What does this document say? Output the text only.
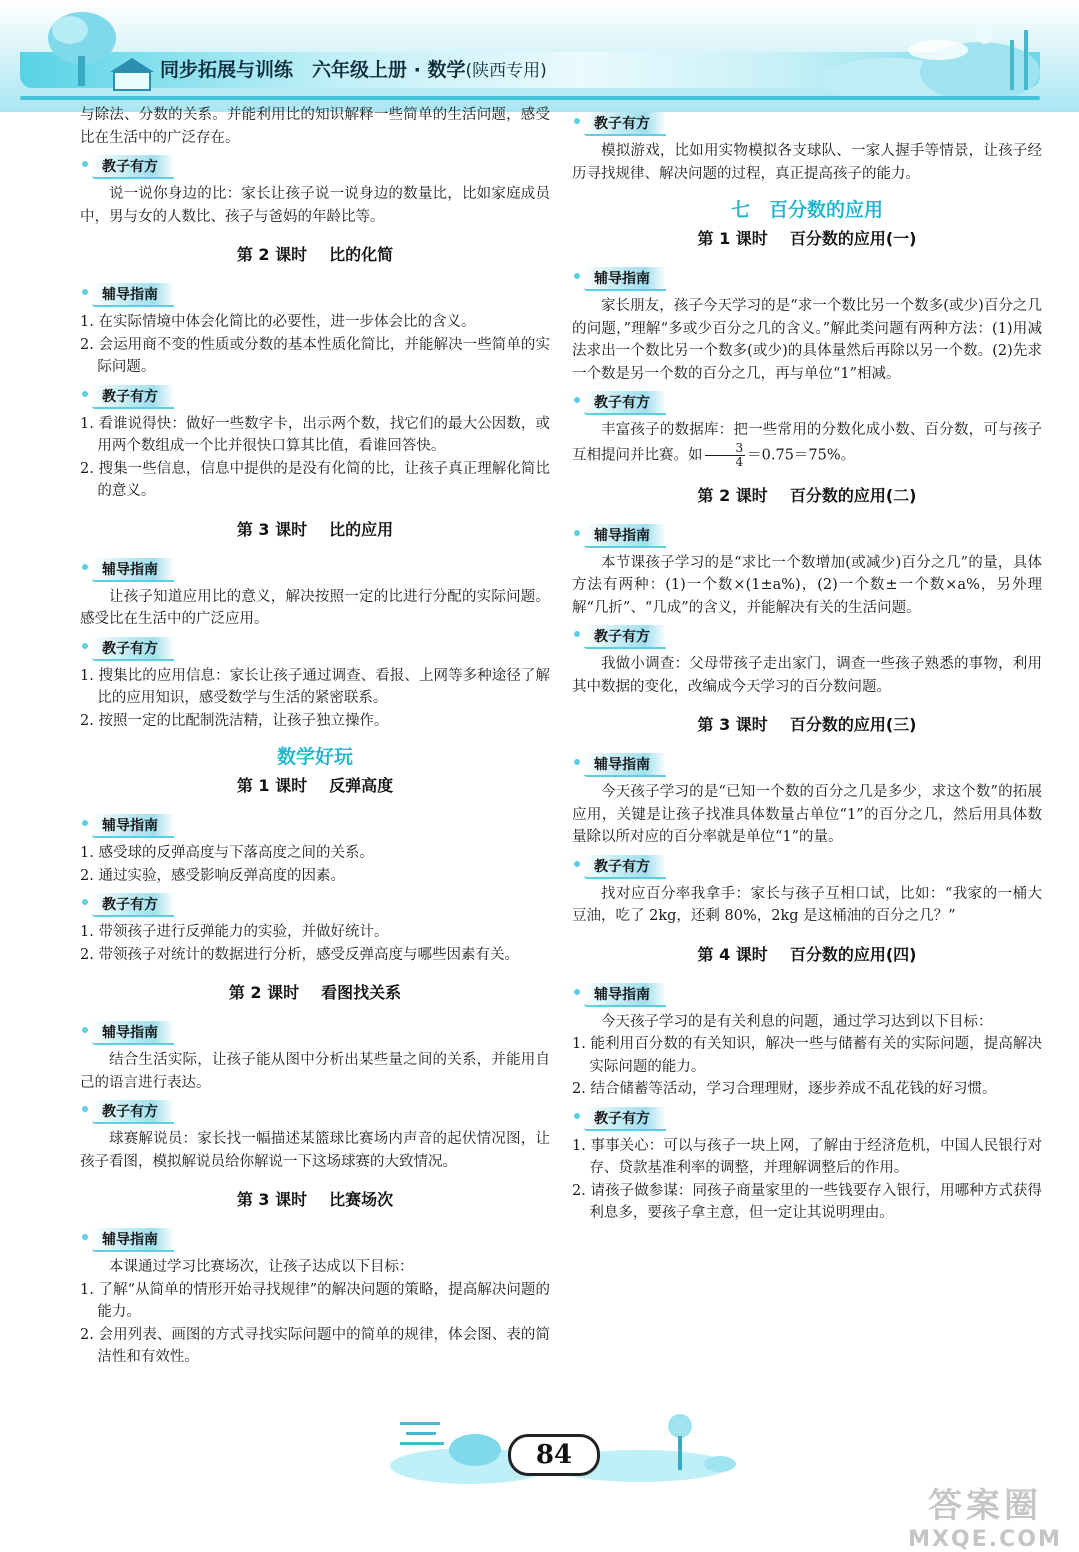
同步拓展与训练　六年级上册 · 数学(陕西专用)

与除法、分数的关系。并能利用比的知识解释一些简单的生活问题，感受比在生活中的广泛存在。

教子有方

说一说你身边的比：家长让孩子说一说身边的数量比，比如家庭成员中，男与女的人数比、孩子与爸妈的年龄比等。

第 2 课时 比的化简
辅导指南

1. 在实际情境中体会化简比的必要性，进一步体会比的含义。

2. 会运用商不变的性质或分数的基本性质化简比，并能解决一些简单的实际问题。

教子有方

1. 看谁说得快：做好一些数字卡，出示两个数，找它们的最大公因数，或用两个数组成一个比并很快口算其比值，看谁回答快。

2. 搜集一些信息，信息中提供的是没有化简的比，让孩子真正理解化简比的意义。

第 3 课时 比的应用
辅导指南

让孩子知道应用比的意义，解决按照一定的比进行分配的实际问题。感受比在生活中的广泛应用。

教子有方

1. 搜集比的应用信息：家长让孩子通过调查、看报、上网等多种途径了解比的应用知识，感受数学与生活的紧密联系。

2. 按照一定的比配制洗洁精，让孩子独立操作。

数学好玩
第 1 课时 反弹高度
辅导指南

1. 感受球的反弹高度与下落高度之间的关系。

2. 通过实验，感受影响反弹高度的因素。

教子有方

1. 带领孩子进行反弹能力的实验，并做好统计。

2. 带领孩子对统计的数据进行分析，感受反弹高度与哪些因素有关。

第 2 课时 看图找关系
辅导指南

结合生活实际，让孩子能从图中分析出某些量之间的关系，并能用自己的语言进行表达。

教子有方

球赛解说员：家长找一幅描述某篮球比赛场内声音的起伏情况图，让孩子看图，模拟解说员给你解说一下这场球赛的大致情况。

第 3 课时 比赛场次
辅导指南

本课通过学习比赛场次，让孩子达成以下目标：

1. 了解“从简单的情形开始寻找规律”的解决问题的策略，提高解决问题的能力。

2. 会用列表、画图的方式寻找实际问题中的简单的规律，体会图、表的简洁性和有效性。

教子有方

模拟游戏，比如用实物模拟各支球队、一家人握手等情景，让孩子经历寻找规律、解决问题的过程，真正提高孩子的能力。

七　百分数的应用
第 1 课时 百分数的应用(一)
辅导指南

家长朋友，孩子今天学习的是“求一个数比另一个数多(或少)百分之几的问题，”理解“多或少百分之几的含义。”解此类问题有两种方法：(1)用减法求出一个数比另一个数多(或少)的具体量然后再除以另一个数。(2)先求一个数是另一个数的百分之几，再与单位“1”相减。

教子有方

丰富孩子的数据库：把一些常用的分数化成小数、百分数，可与孩子互相提问并比赛。如 $\frac{3}{4} =0.75=75\%$。

第 2 课时 百分数的应用(二)
辅导指南

本节课孩子学习的是“求比一个数增加(或减少)百分之几”的量，具体方法有两种：(1)一个数×(1±a%)，(2)一个数±一个数×a%，另外理解“几折”、“几成”的含义，并能解决有关的生活问题。

教子有方

我做小调查：父母带孩子走出家门，调查一些孩子熟悉的事物，利用其中数据的变化，改编成今天学习的百分数问题。

第 3 课时 百分数的应用(三)
辅导指南

今天孩子学习的是“已知一个数的百分之几是多少，求这个数”的拓展应用，关键是让孩子找准具体数量占单位“1”的百分之几，然后用具体数量除以所对应的百分率就是单位“1”的量。

教子有方

找对应百分率我拿手：家长与孩子互相口试，比如：“我家的一桶大豆油，吃了 2kg，还剩 80%，2kg 是这桶油的百分之几？”

第 4 课时 百分数的应用(四)
辅导指南

今天孩子学习的是有关利息的问题，通过学习达到以下目标：

1. 能利用百分数的有关知识，解决一些与储蓄有关的实际问题，提高解决实际问题的能力。

2. 结合储蓄等活动，学习合理理财，逐步养成不乱花钱的好习惯。

教子有方

1. 事事关心：可以与孩子一块上网，了解由于经济危机，中国人民银行对存、贷款基准利率的调整，并理解调整后的作用。

2. 请孩子做参谋：同孩子商量家里的一些钱要存入银行，用哪种方式获得利息多，要孩子拿主意，但一定让其说明理由。

84
答案圈
MXQE.COM
